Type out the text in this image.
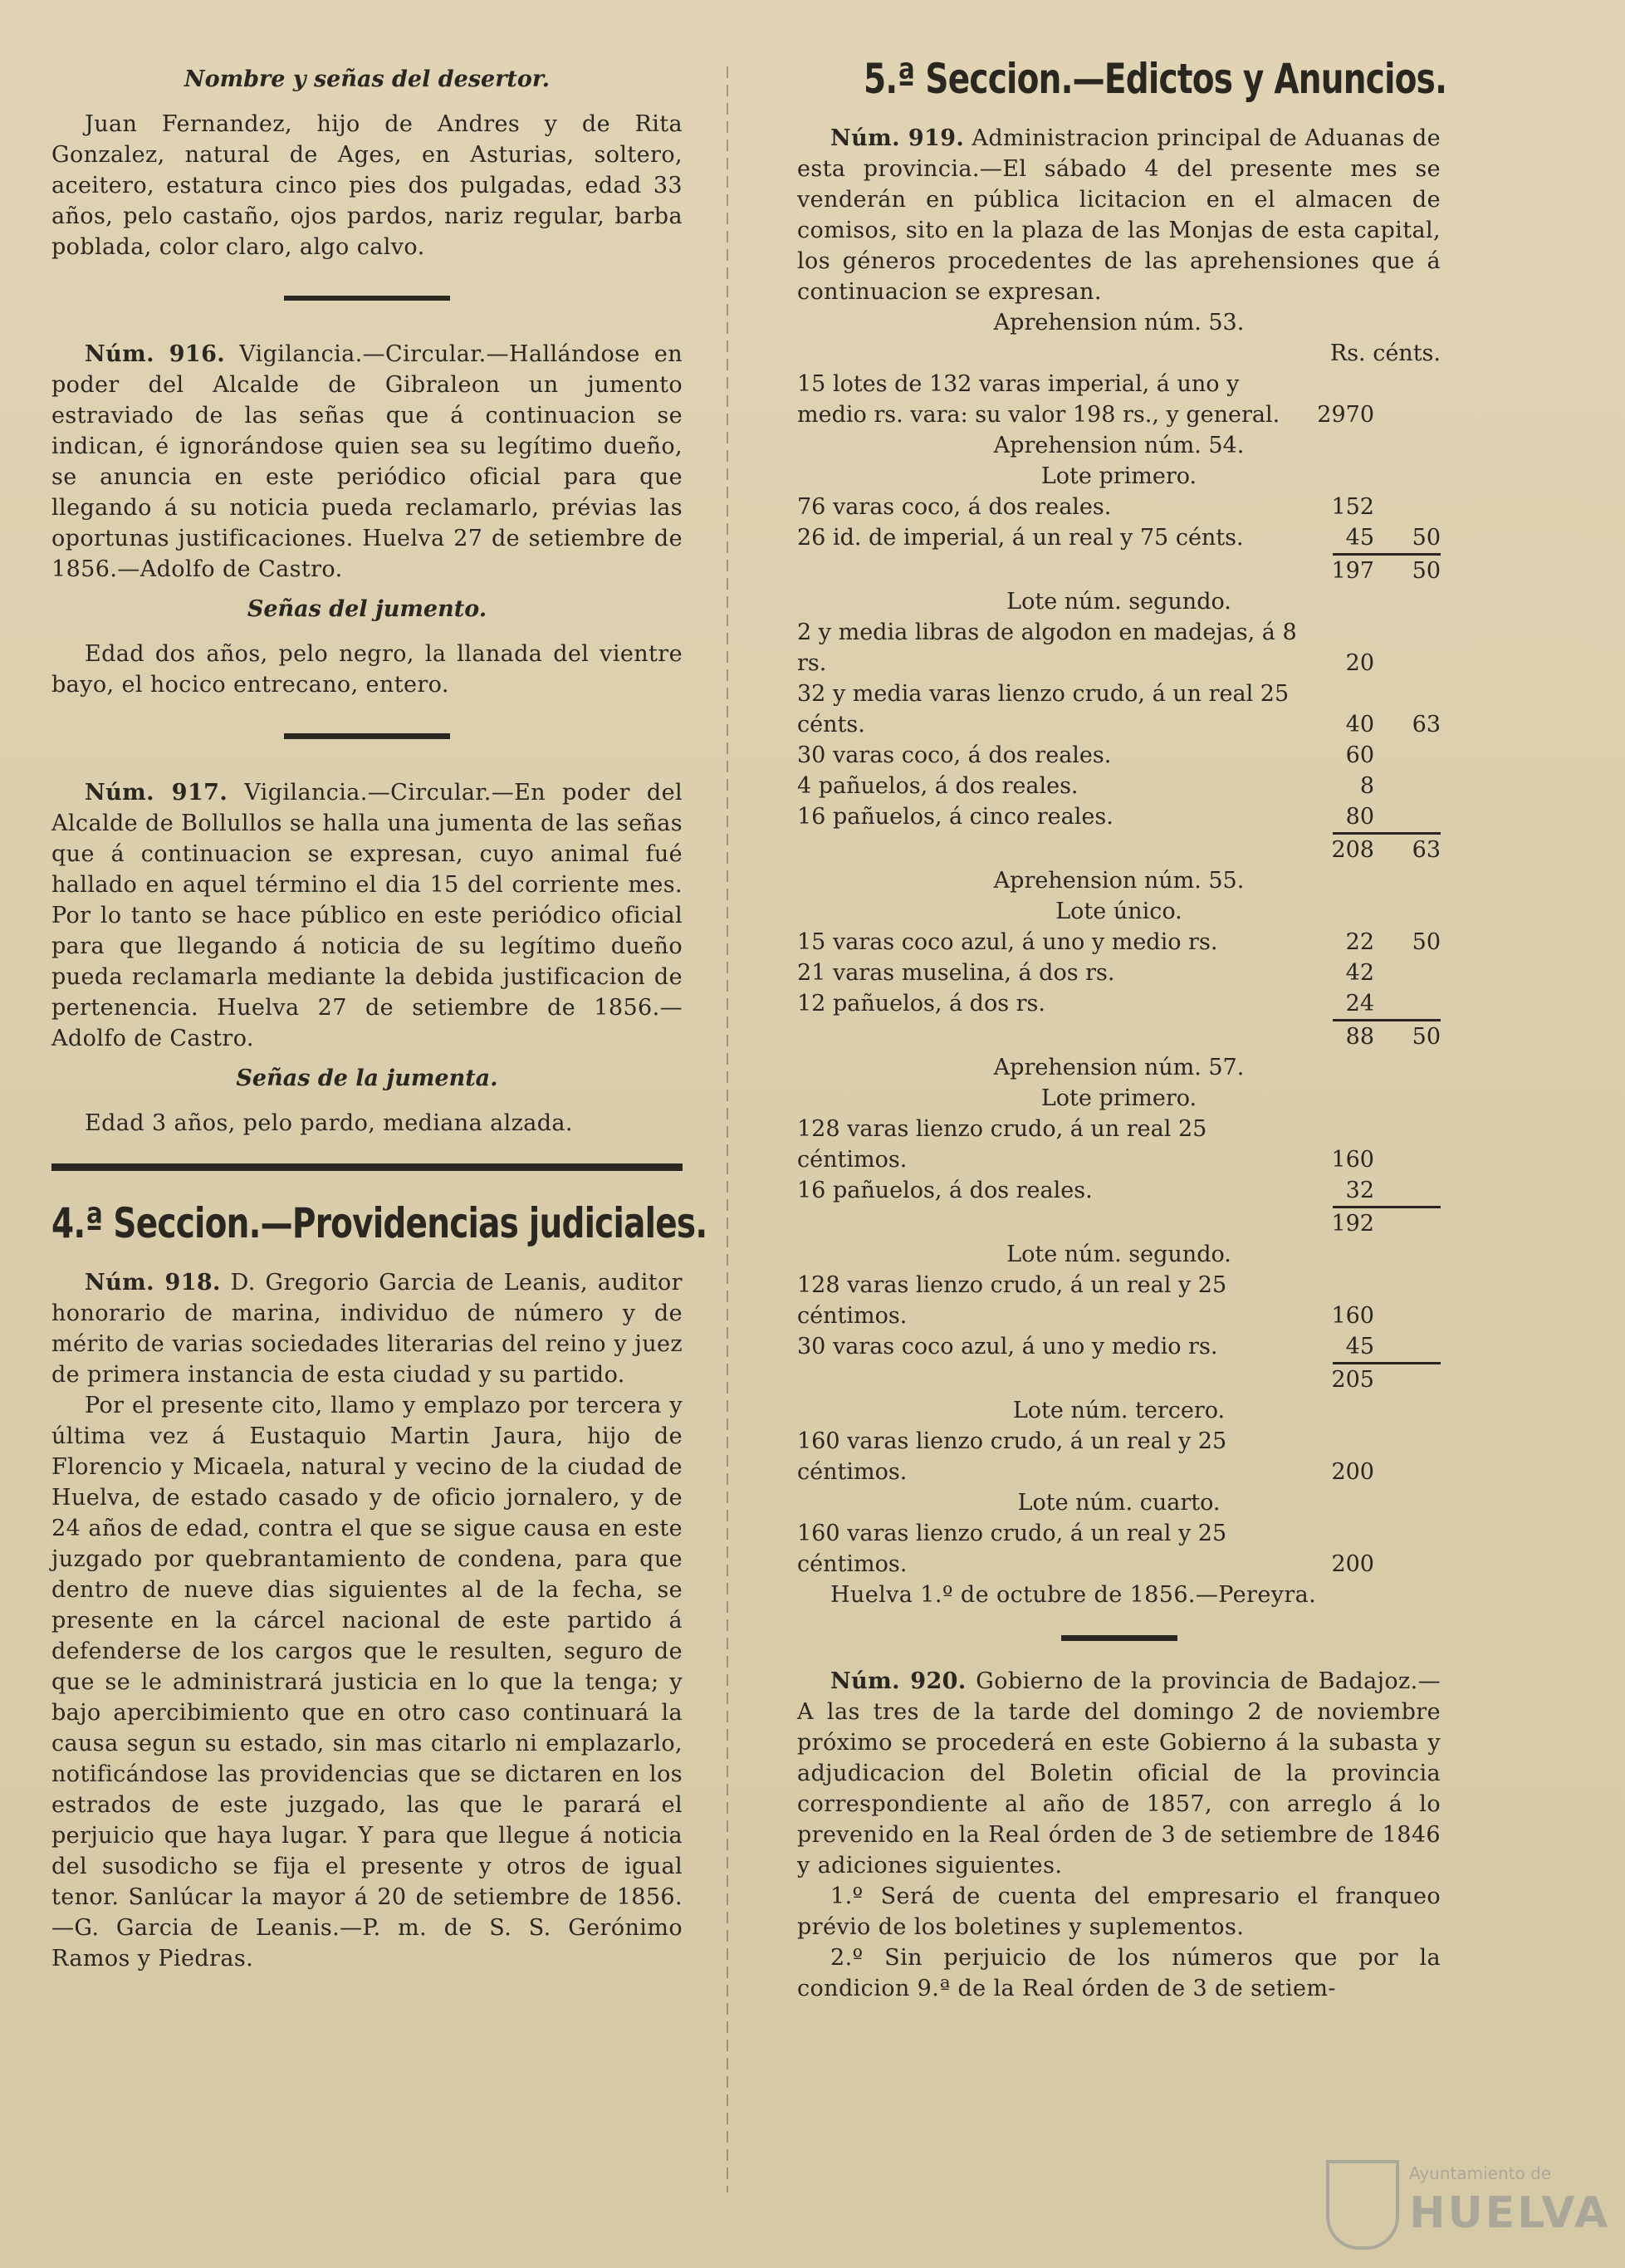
Nombre y señas del desertor.

Juan Fernandez, hijo de Andres y de Rita Gonzalez, natural de Ages, en Asturias, soltero, aceitero, estatura cinco pies dos pulgadas, edad 33 años, pelo castaño, ojos pardos, nariz regular, barba poblada, color claro, algo calvo.

Núm. 916. Vigilancia.—Circular.—Hallándose en poder del Alcalde de Gibraleon un jumento estraviado de las señas que á continuacion se indican, é ignorándose quien sea su legítimo dueño, se anuncia en este periódico oficial para que llegando á su noticia pueda reclamarlo, prévias las oportunas justificaciones. Huelva 27 de setiembre de 1856.—Adolfo de Castro.

Señas del jumento.

Edad dos años, pelo negro, la llanada del vientre bayo, el hocico entrecano, entero.

Núm. 917. Vigilancia.—Circular.—En poder del Alcalde de Bollullos se halla una jumenta de las señas que á continuacion se expresan, cuyo animal fué hallado en aquel término el dia 15 del corriente mes. Por lo tanto se hace público en este periódico oficial para que llegando á noticia de su legítimo dueño pueda reclamarla mediante la debida justificacion de pertenencia. Huelva 27 de setiembre de 1856.—Adolfo de Castro.

Señas de la jumenta.

Edad 3 años, pelo pardo, mediana alzada.

4.ª Seccion.—Providencias judiciales.

Núm. 918. D. Gregorio Garcia de Leanis, auditor honorario de marina, individuo de número y de mérito de varias sociedades literarias del reino y juez de primera instancia de esta ciudad y su partido.

Por el presente cito, llamo y emplazo por tercera y última vez á Eustaquio Martin Jaura, hijo de Florencio y Micaela, natural y vecino de la ciudad de Huelva, de estado casado y de oficio jornalero, y de 24 años de edad, contra el que se sigue causa en este juzgado por quebrantamiento de condena, para que dentro de nueve dias siguientes al de la fecha, se presente en la cárcel nacional de este partido á defenderse de los cargos que le resulten, seguro de que se le administrará justicia en lo que la tenga; y bajo apercibimiento que en otro caso continuará la causa segun su estado, sin mas citarlo ni emplazarlo, notificándose las providencias que se dictaren en los estrados de este juzgado, las que le parará el perjuicio que haya lugar. Y para que llegue á noticia del susodicho se fija el presente y otros de igual tenor. Sanlúcar la mayor á 20 de setiembre de 1856.—G. Garcia de Leanis.—P. m. de S. S. Gerónimo Ramos y Piedras.

5.ª Seccion.—Edictos y Anuncios.

Núm. 919. Administracion principal de Aduanas de esta provincia.—El sábado 4 del presente mes se venderán en pública licitacion en el almacen de comisos, sito en la plaza de las Monjas de esta capital, los géneros procedentes de las aprehensiones que á continuacion se expresan.

Aprehension núm. 53.
Rs. cénts.
15 lotes de 132 varas imperial, á uno y medio rs. vara: su valor 198 rs., y general.	2970
Aprehension núm. 54.
Lote primero.
76 varas coco, á dos reales.	152
26 id. de imperial, á un real y 75 cénts.	45	50
197	50
Lote núm. segundo.
2 y media libras de algodon en madejas, á 8 rs.	20
32 y media varas lienzo crudo, á un real 25 cénts.	40	63
30 varas coco, á dos reales.	60
4 pañuelos, á dos reales.	8
16 pañuelos, á cinco reales.	80
208	63
Aprehension núm. 55.
Lote único.
15 varas coco azul, á uno y medio rs.	22	50
21 varas muselina, á dos rs.	42
12 pañuelos, á dos rs.	24
88	50
Aprehension núm. 57.
Lote primero.
128 varas lienzo crudo, á un real 25 céntimos.	160
16 pañuelos, á dos reales.	32
192
Lote núm. segundo.
128 varas lienzo crudo, á un real y 25 céntimos.	160
30 varas coco azul, á uno y medio rs.	45
205
Lote núm. tercero.
160 varas lienzo crudo, á un real y 25 céntimos.	200
Lote núm. cuarto.
160 varas lienzo crudo, á un real y 25 céntimos.	200

Huelva 1.º de octubre de 1856.—Pereyra.

Núm. 920. Gobierno de la provincia de Badajoz.—A las tres de la tarde del domingo 2 de noviembre próximo se procederá en este Gobierno á la subasta y adjudicacion del Boletin oficial de la provincia correspondiente al año de 1857, con arreglo á lo prevenido en la Real órden de 3 de setiembre de 1846 y adiciones siguientes.

1.º Será de cuenta del empresario el franqueo prévio de los boletines y suplementos.

2.º Sin perjuicio de los números que por la condicion 9.ª de la Real órden de 3 de setiem-

Ayuntamiento de
HUELVA
